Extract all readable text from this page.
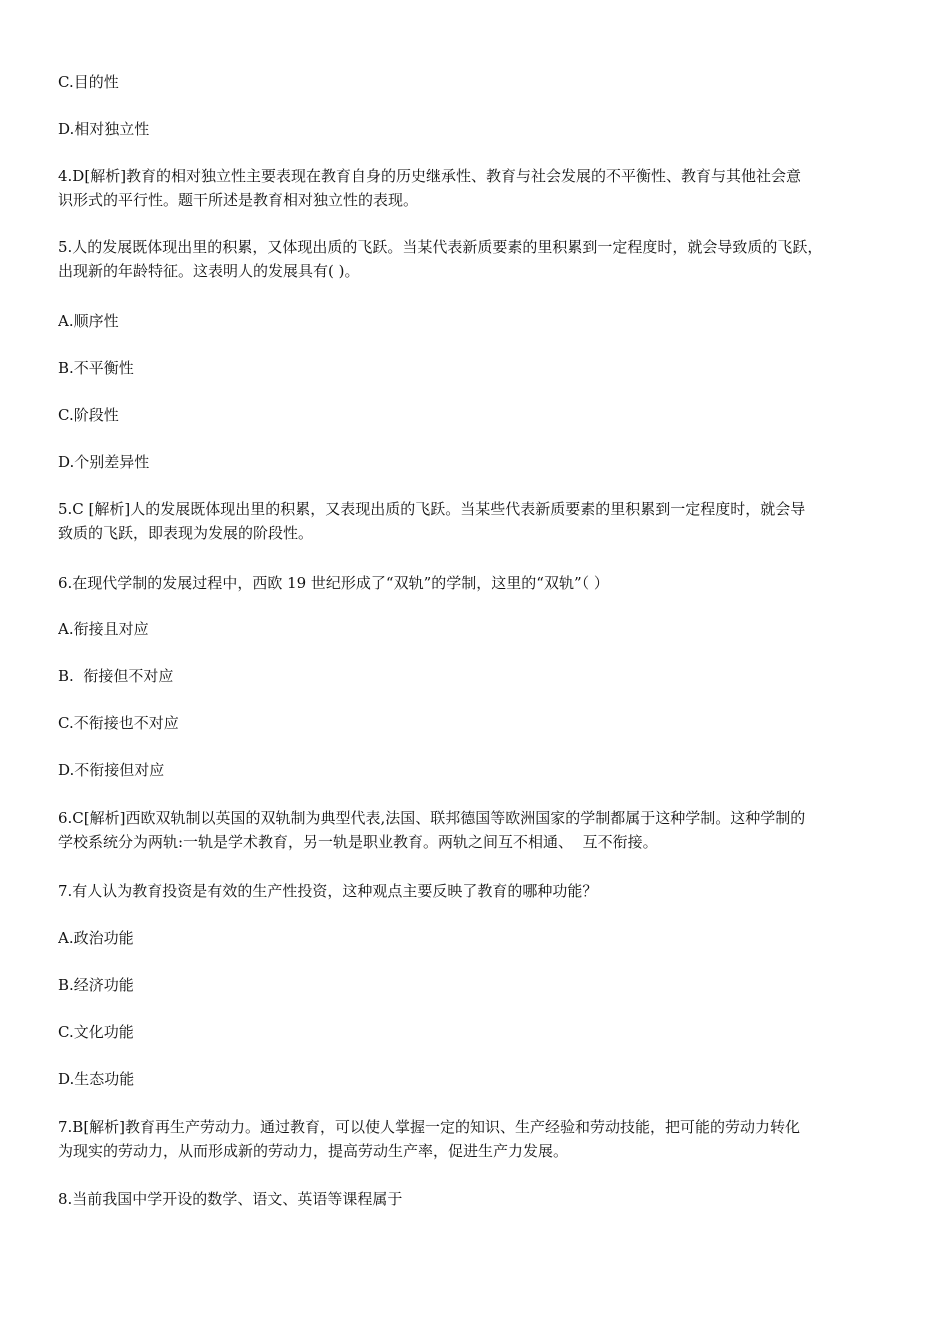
C.目的性
D.相对独立性
4.D[解析]教育的相对独立性主要表现在教育自身的历史继承性、教育与社会发展的不平衡性、教育与其他社会意
识形式的平行性。题干所述是教育相对独立性的表现。
5.人的发展既体现出里的积累，又体现出质的飞跃。当某代表新质要素的里积累到一定程度时，就会导致质的飞跃，
出现新的年龄特征。这表明人的发展具有( )。
A.顺序性
B.不平衡性
C.阶段性
D.个别差异性
5.C [解析]人的发展既体现出里的积累，又表现出质的飞跃。当某些代表新质要素的里积累到一定程度时，就会导
致质的飞跃，即表现为发展的阶段性。
6.在现代学制的发展过程中，西欧 19 世纪形成了“双轨”的学制，这里的“双轨”（ ）
A.衔接且对应
B.  衔接但不对应
C.不衔接也不对应
D.不衔接但对应
6.C[解析]西欧双轨制以英国的双轨制为典型代表,法国、联邦德国等欧洲国家的学制都属于这种学制。这种学制的
学校系统分为两轨:一轨是学术教育，另一轨是职业教育。两轨之间互不相通、  互不衔接。
7.有人认为教育投资是有效的生产性投资，这种观点主要反映了教育的哪种功能？
A.政治功能
B.经济功能
C.文化功能
D.生态功能
7.B[解析]教育再生产劳动力。通过教育，可以使人掌握一定的知识、生产经验和劳动技能，把可能的劳动力转化
为现实的劳动力，从而形成新的劳动力，提高劳动生产率，促进生产力发展。
8.当前我国中学开设的数学、语文、英语等课程属于
